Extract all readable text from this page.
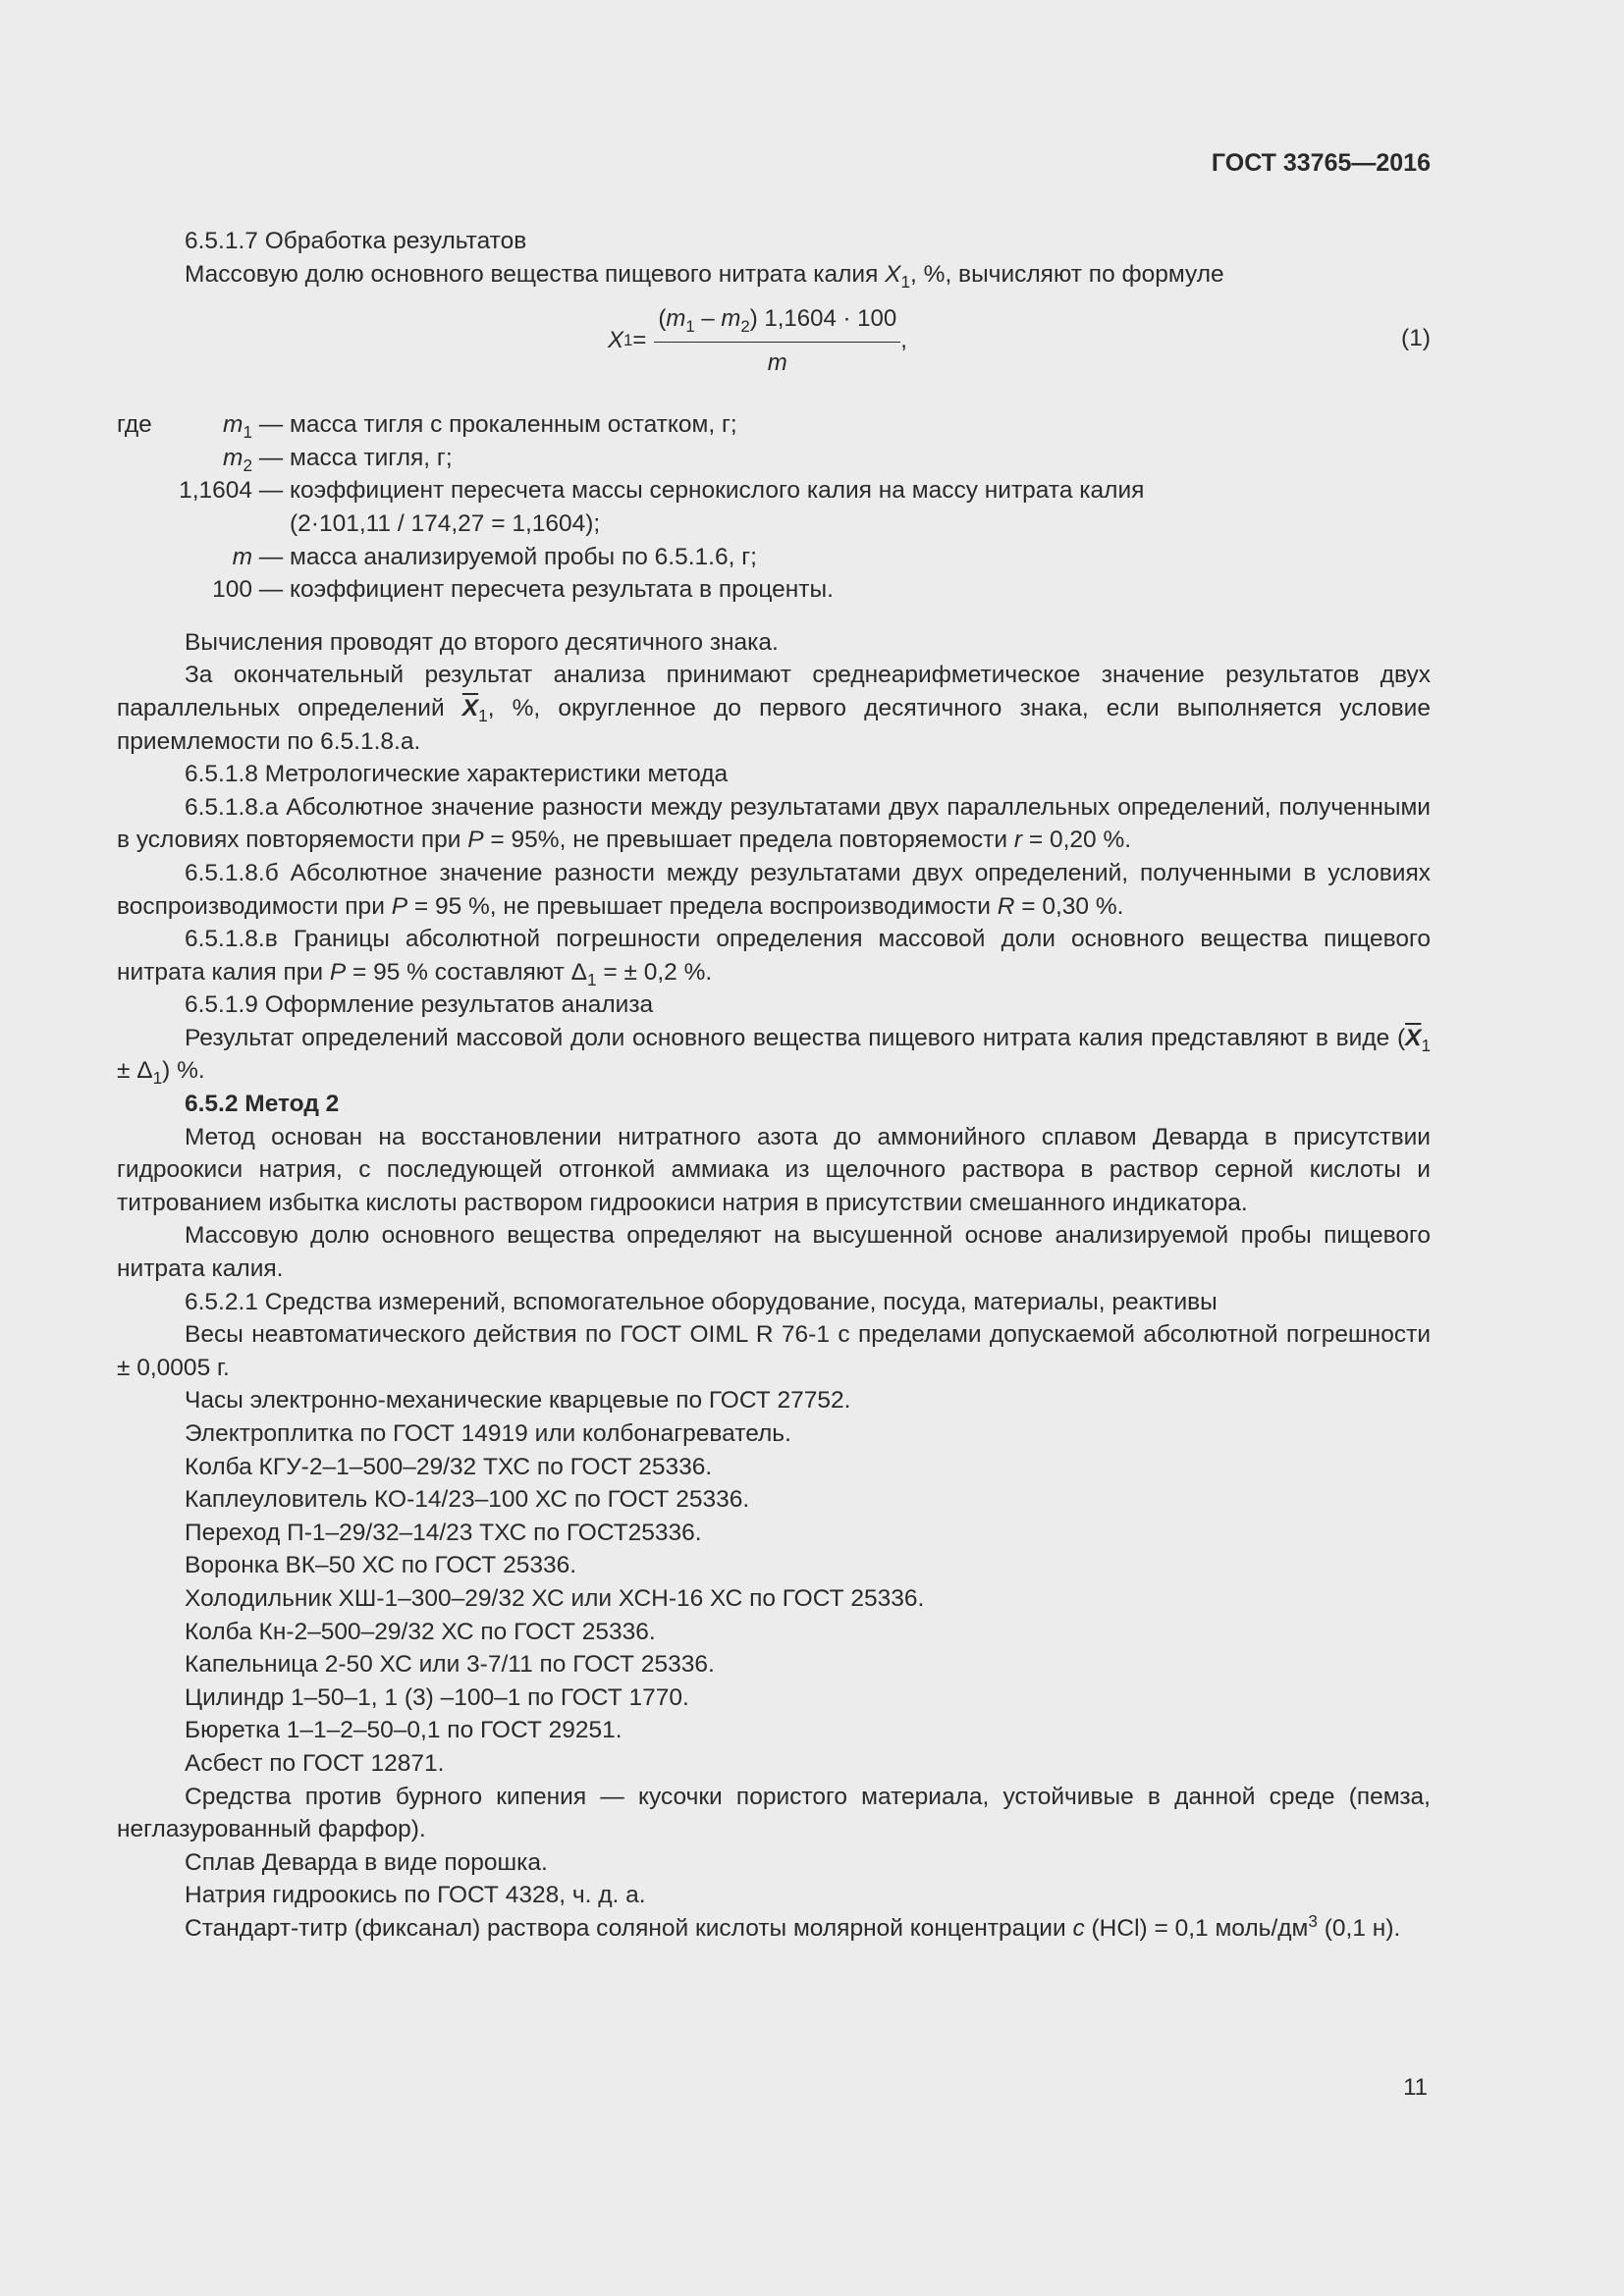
ГОСТ 33765—2016

6.5.1.7 Обработка результатов

Массовую долю основного вещества пищевого нитрата калия $X_1$, %, вычисляют по формуле

X $1 = \frac{(m_1 - m_2) 1,1604 \cdot 100}{m}$ ,	(1)
где	$m_1$ — масса тигля с прокаленным остатком, г;
$m_2$ — масса тигля, г;
1,1604 — коэффициент пересчета массы сернокислого калия на массу нитрата калия
(2·101,11 / 174,27 = 1,1604);
m — масса анализируемой пробы по 6.5.1.6, г;
100 — коэффициент пересчета результата в проценты.

Вычисления проводят до второго десятичного знака.

За окончательный результат анализа принимают среднеарифметическое значение результатов двух параллельных определений $\overline{X}_1$, %, округленное до первого десятичного знака, если выполняется условие приемлемости по 6.5.1.8.а.

6.5.1.8 Метрологические характеристики метода

6.5.1.8.а Абсолютное значение разности между результатами двух параллельных определений, полученными в условиях повторяемости при P = 95%, не превышает предела повторяемости r = 0,20 %.

6.5.1.8.б Абсолютное значение разности между результатами двух определений, полученными в условиях воспроизводимости при P = 95 %, не превышает предела воспроизводимости R = 0,30 %.

6.5.1.8.в Границы абсолютной погрешности определения массовой доли основного вещества пищевого нитрата калия при P = 95 % составляют $\Delta_1$ = ± 0,2 %.

6.5.1.9 Оформление результатов анализа

Результат определений массовой доли основного вещества пищевого нитрата калия представляют в виде $(\overline{X}_1 \pm \Delta_1)$ %.

6.5.2 Метод 2

Метод основан на восстановлении нитратного азота до аммонийного сплавом Деварда в присутствии гидроокиси натрия, с последующей отгонкой аммиака из щелочного раствора в раствор серной кислоты и титрованием избытка кислоты раствором гидроокиси натрия в присутствии смешанного индикатора.

Массовую долю основного вещества определяют на высушенной основе анализируемой пробы пищевого нитрата калия.

6.5.2.1 Средства измерений, вспомогательное оборудование, посуда, материалы, реактивы

Весы неавтоматического действия по ГОСТ OIML R 76-1 с пределами допускаемой абсолютной погрешности ± 0,0005 г.

Часы электронно-механические кварцевые по ГОСТ 27752.

Электроплитка по ГОСТ 14919 или колбонагреватель.

Колба КГУ-2–1–500–29/32 ТХС по ГОСТ 25336.

Каплеуловитель КО-14/23–100 ХС по ГОСТ 25336.

Переход П-1–29/32–14/23 ТХС по ГОСТ25336.

Воронка ВК–50 ХС по ГОСТ 25336.

Холодильник ХШ-1–300–29/32 ХС или ХСН-16 ХС по ГОСТ 25336.

Колба Кн-2–500–29/32 ХС по ГОСТ 25336.

Капельница 2-50 ХС или 3-7/11 по ГОСТ 25336.

Цилиндр 1–50–1, 1 (3) –100–1 по ГОСТ 1770.

Бюретка 1–1–2–50–0,1 по ГОСТ 29251.

Асбест по ГОСТ 12871.

Средства против бурного кипения — кусочки пористого материала, устойчивые в данной среде (пемза, неглазурованный фарфор).

Сплав Деварда в виде порошка.

Натрия гидроокись по ГОСТ 4328, ч. д. а.

Стандарт-титр (фиксанал) раствора соляной кислоты молярной концентрации c (HCl) = 0,1 моль/$дм^3$ (0,1 н).

11
